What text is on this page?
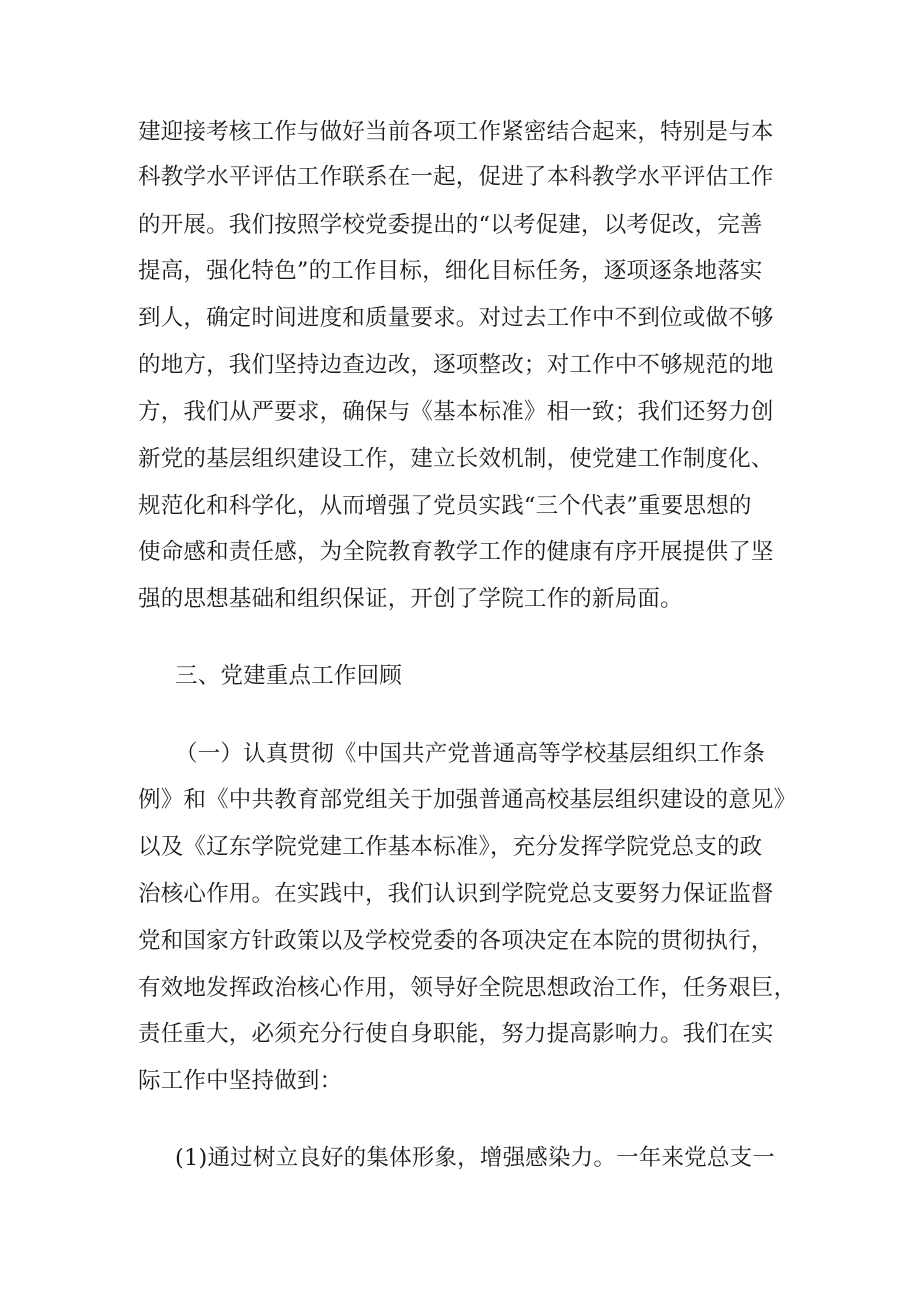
建迎接考核工作与做好当前各项工作紧密结合起来，特别是与本
科教学水平评估工作联系在一起，促进了本科教学水平评估工作
的开展。我们按照学校党委提出的“以考促建，以考促改，完善
提高，强化特色”的工作目标，细化目标任务，逐项逐条地落实
到人，确定时间进度和质量要求。对过去工作中不到位或做不够
的地方，我们坚持边查边改，逐项整改；对工作中不够规范的地
方，我们从严要求，确保与《基本标准》相一致；我们还努力创
新党的基层组织建设工作，建立长效机制，使党建工作制度化、
规范化和科学化，从而增强了党员实践“三个代表”重要思想的
使命感和责任感，为全院教育教学工作的健康有序开展提供了坚
强的思想基础和组织保证，开创了学院工作的新局面。
三、党建重点工作回顾
（一）认真贯彻《中国共产党普通高等学校基层组织工作条
例》和《中共教育部党组关于加强普通高校基层组织建设的意见》
以及《辽东学院党建工作基本标准》，充分发挥学院党总支的政
治核心作用。在实践中，我们认识到学院党总支要努力保证监督
党和国家方针政策以及学校党委的各项决定在本院的贯彻执行，
有效地发挥政治核心作用，领导好全院思想政治工作，任务艰巨，
责任重大，必须充分行使自身职能，努力提高影响力。我们在实
际工作中坚持做到：
(1)通过树立良好的集体形象，增强感染力。一年来党总支一
